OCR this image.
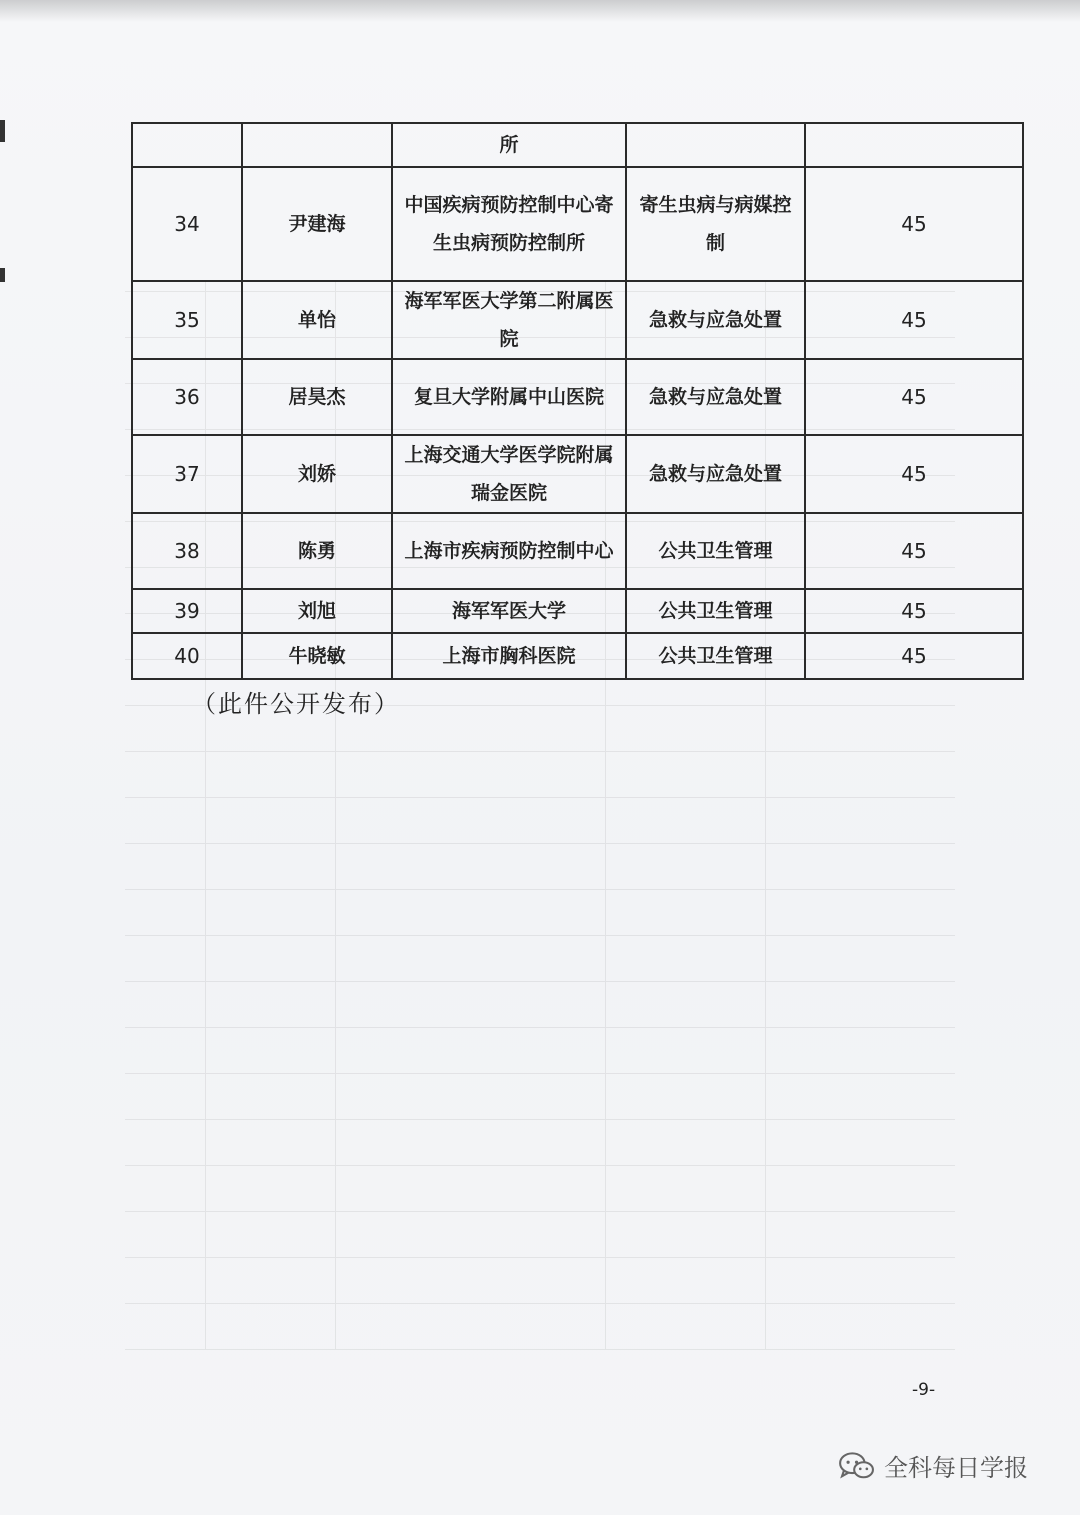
		所		
34	尹建海	中国疾病预防控制中心寄生虫病预防控制所	寄生虫病与病媒控制	45
35	单怡	海军军医大学第二附属医院	急救与应急处置	45
36	居昊杰	复旦大学附属中山医院	急救与应急处置	45
37	刘娇	上海交通大学医学院附属瑞金医院	急救与应急处置	45
38	陈勇	上海市疾病预防控制中心	公共卫生管理	45
39	刘旭	海军军医大学	公共卫生管理	45
40	牛晓敏	上海市胸科医院	公共卫生管理	45
（此件公开发布）
-9-
全科每日学报
